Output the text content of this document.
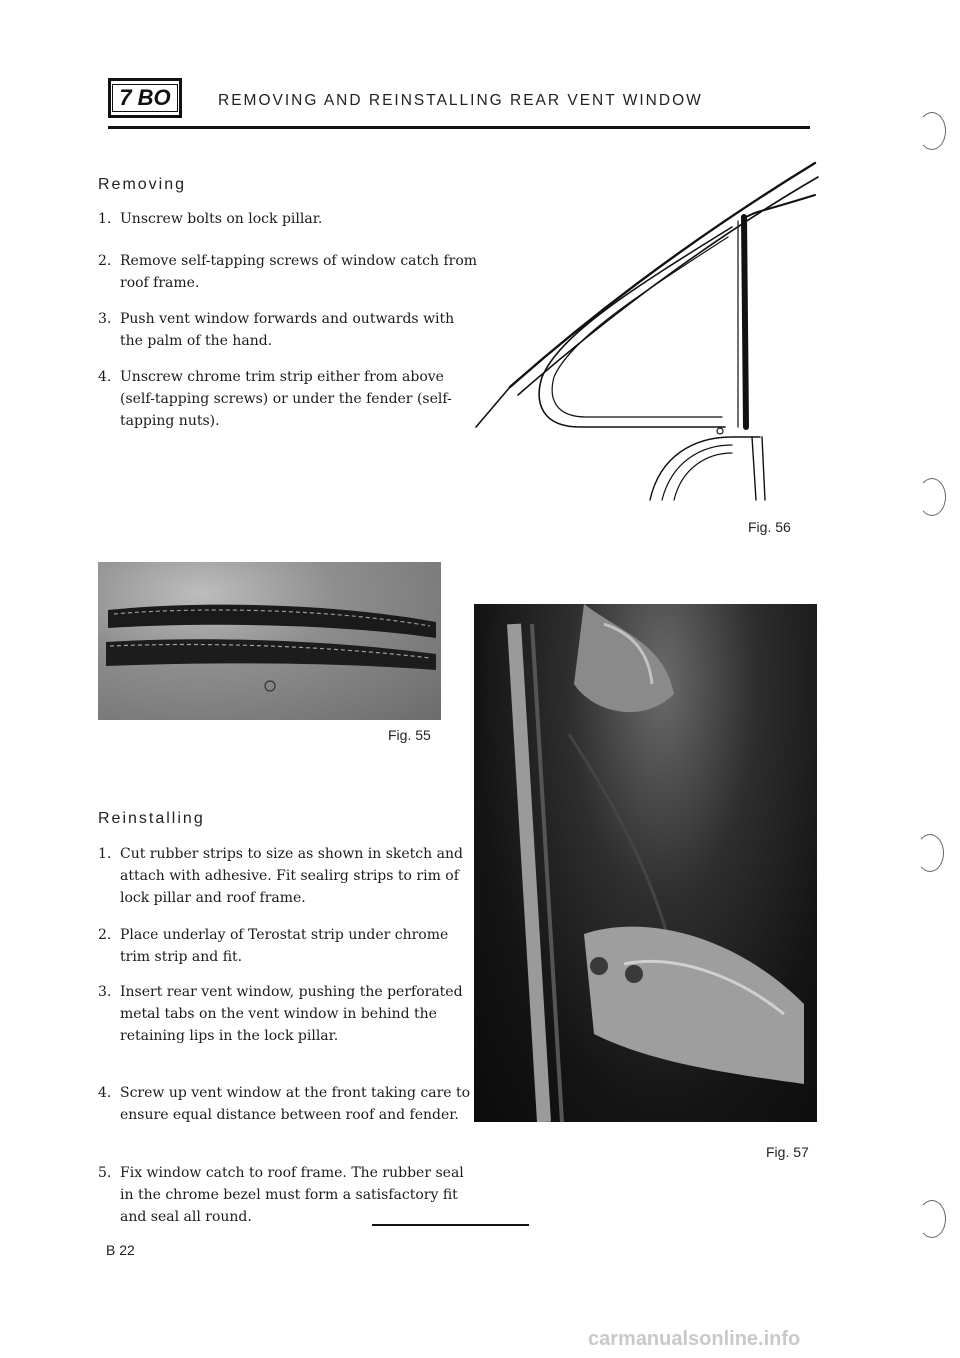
7 BO	REMOVING AND REINSTALLING REAR VENT WINDOW
Removing
1. Unscrew bolts on lock pillar.
2. Remove self-tapping screws of window catch from roof frame.
3. Push vent window forwards and outwards with the palm of the hand.
4. Unscrew chrome trim strip either from above (self-tapping screws) or under the fender (self-tapping nuts).
Fig. 56
Fig. 55
Reinstalling
1. Cut rubber strips to size as shown in sketch and attach with adhesive. Fit sealirg strips to rim of lock pillar and roof frame.
2. Place underlay of Terostat strip under chrome trim strip and fit.
3. Insert rear vent window, pushing the perforated metal tabs on the vent window in behind the retaining lips in the lock pillar.
4. Screw up vent window at the front taking care to ensure equal distance between roof and fender.
5. Fix window catch to roof frame. The rubber seal in the chrome bezel must form a satisfactory fit and seal all round.
Fig. 57
B 22
carmanualsonline.info
